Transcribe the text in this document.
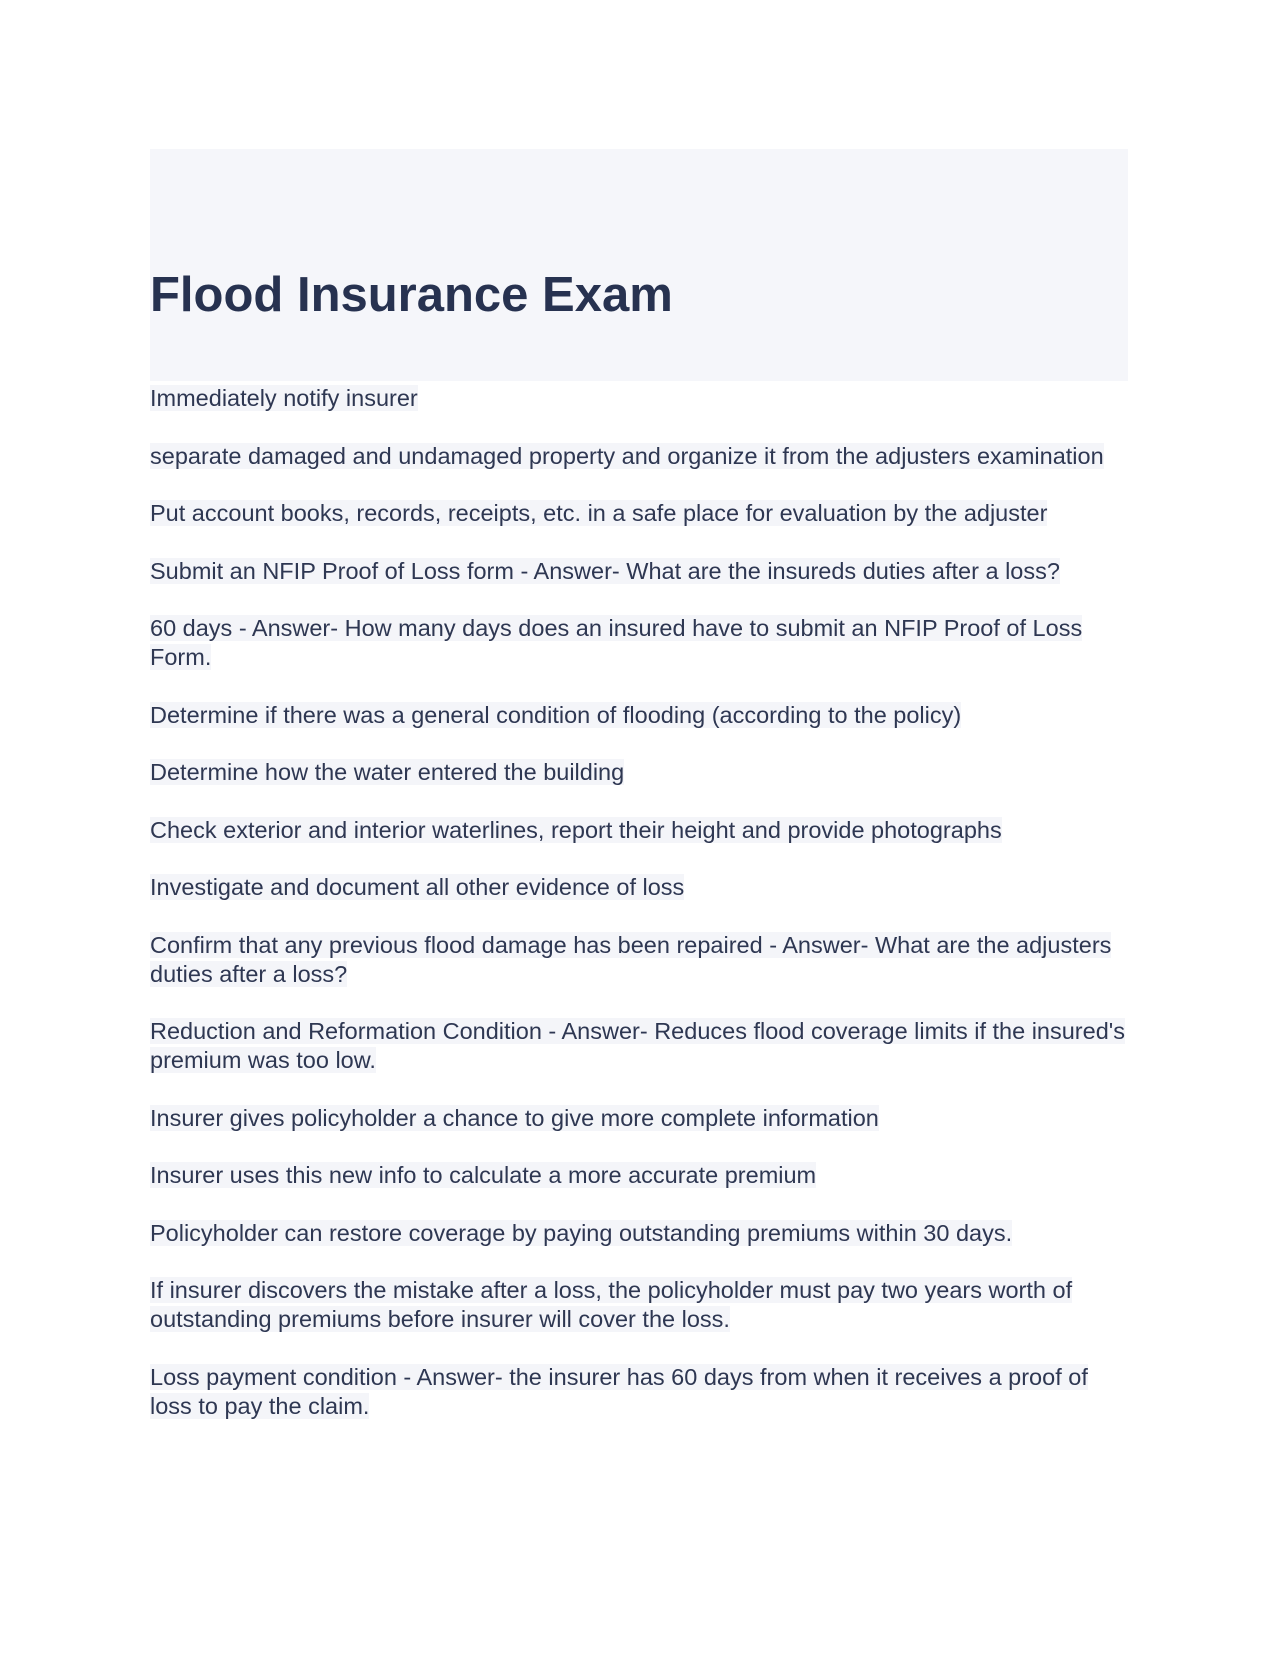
Flood Insurance Exam
Immediately notify insurer
separate damaged and undamaged property and organize it from the adjusters examination
Put account books, records, receipts, etc. in a safe place for evaluation by the adjuster
Submit an NFIP Proof of Loss form - Answer- What are the insureds duties after a loss?
60 days - Answer- How many days does an insured have to submit an NFIP Proof of Loss Form.
Determine if there was a general condition of flooding (according to the policy)
Determine how the water entered the building
Check exterior and interior waterlines, report their height and provide photographs
Investigate and document all other evidence of loss
Confirm that any previous flood damage has been repaired - Answer- What are the adjusters duties after a loss?
Reduction and Reformation Condition - Answer- Reduces flood coverage limits if the insured's premium was too low.
Insurer gives policyholder a chance to give more complete information
Insurer uses this new info to calculate a more accurate premium
Policyholder can restore coverage by paying outstanding premiums within 30 days.
If insurer discovers the mistake after a loss, the policyholder must pay two years worth of outstanding premiums before insurer will cover the loss.
Loss payment condition - Answer- the insurer has 60 days from when it receives a proof of loss to pay the claim.
